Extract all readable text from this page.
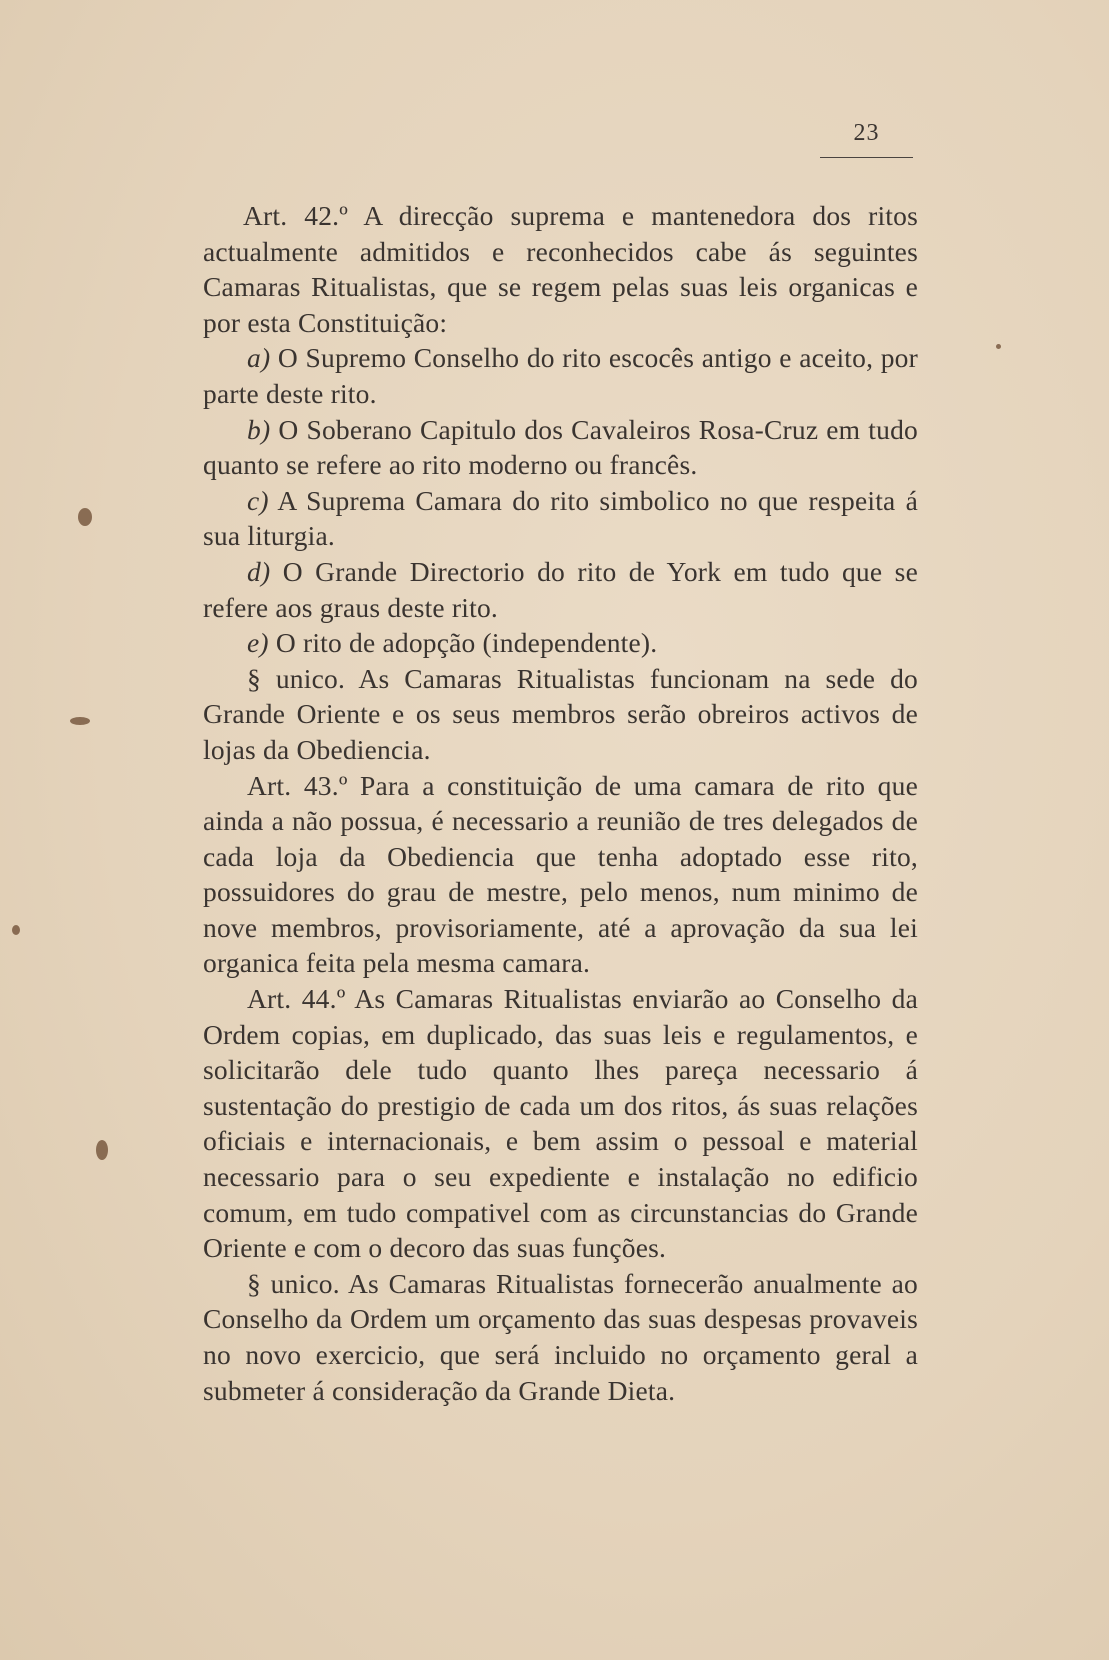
23

Art. 42.º A direcção suprema e mantenedora dos ritos actualmente admitidos e reconhecidos cabe ás seguintes Camaras Ritualistas, que se regem pelas suas leis organicas e por esta Constituição:

a) O Supremo Conselho do rito escocês antigo e aceito, por parte deste rito.

b) O Soberano Capitulo dos Cavaleiros Rosa-Cruz em tudo quanto se refere ao rito moderno ou francês.

c) A Suprema Camara do rito simbolico no que respeita á sua liturgia.

d) O Grande Directorio do rito de York em tudo que se refere aos graus deste rito.

e) O rito de adopção (independente).

§ unico. As Camaras Ritualistas funcionam na sede do Grande Oriente e os seus membros serão obreiros activos de lojas da Obediencia.

Art. 43.º Para a constituição de uma camara de rito que ainda a não possua, é necessario a reunião de tres delegados de cada loja da Obediencia que tenha adoptado esse rito, possuidores do grau de mestre, pelo menos, num minimo de nove membros, provisoriamente, até a aprovação da sua lei organica feita pela mesma camara.

Art. 44.º As Camaras Ritualistas enviarão ao Conselho da Ordem copias, em duplicado, das suas leis e regulamentos, e solicitarão dele tudo quanto lhes pareça necessario á sustentação do prestigio de cada um dos ritos, ás suas relações oficiais e internacionais, e bem assim o pessoal e material necessario para o seu expediente e instalação no edificio comum, em tudo compativel com as circunstancias do Grande Oriente e com o decoro das suas funções.

§ unico. As Camaras Ritualistas fornecerão anualmente ao Conselho da Ordem um orçamento das suas despesas provaveis no novo exercicio, que será incluido no orçamento geral a submeter á consideração da Grande Dieta.
